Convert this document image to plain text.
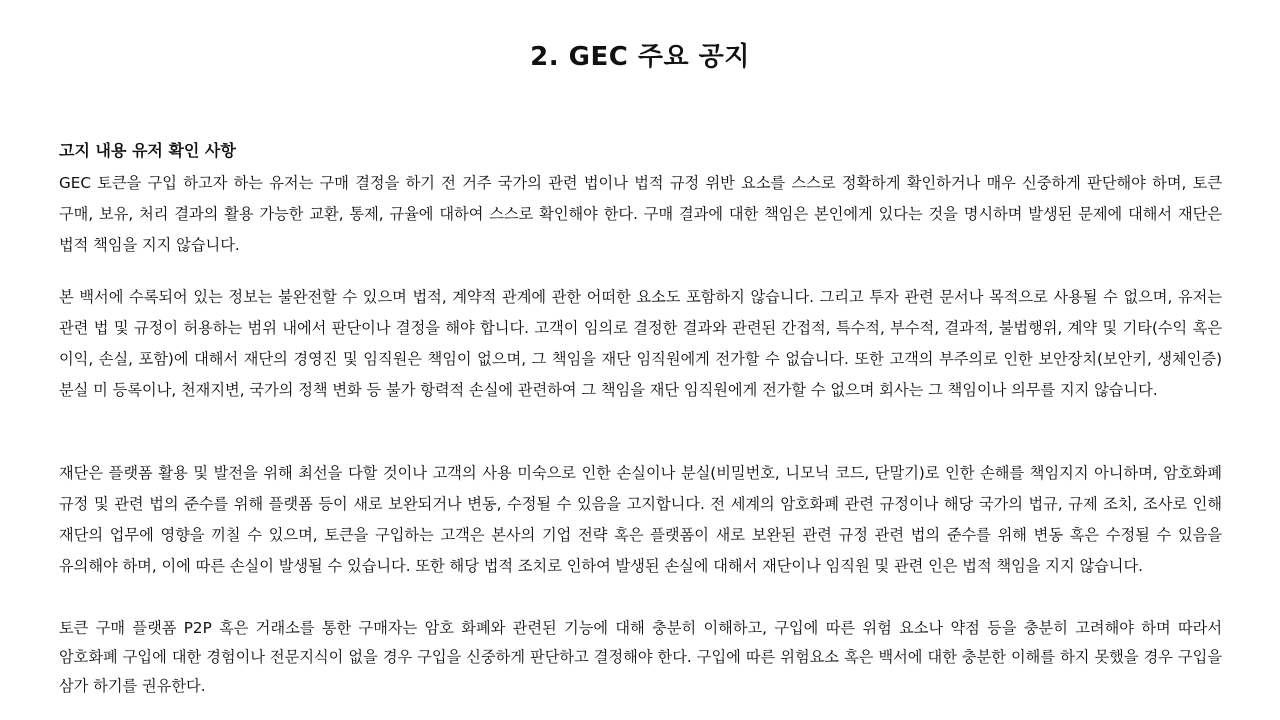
2. GEC 주요 공지
고지 내용 유저 확인 사항

GEC 토큰을 구입 하고자 하는 유저는 구매 결정을 하기 전 거주 국가의 관련 법이나 법적 규정 위반 요소를 스스로 정확하게 확인하거나 매우 신중하게 판단해야 하며, 토큰 구매, 보유, 처리 결과의 활용 가능한 교환, 통제, 규율에 대하여 스스로 확인해야 한다. 구매 결과에 대한 책임은 본인에게 있다는 것을 명시하며 발생된 문제에 대해서 재단은 법적 책임을 지지 않습니다.

본 백서에 수록되어 있는 정보는 불완전할 수 있으며 법적, 계약적 관계에 관한 어떠한 요소도 포함하지 않습니다. 그리고 투자 관련 문서나 목적으로 사용될 수 없으며, 유저는 관련 법 및 규정이 허용하는 범위 내에서 판단이나 결정을 해야 합니다. 고객이 임의로 결정한 결과와 관련된 간접적, 특수적, 부수적, 결과적, 불법행위, 계약 및 기타(수익 혹은 이익, 손실, 포함)에 대해서 재단의 경영진 및 임직원은 책임이 없으며, 그 책임을 재단 임직원에게 전가할 수 없습니다. 또한 고객의 부주의로 인한 보안장치(보안키, 생체인증) 분실 미 등록이나, 천재지변, 국가의 정책 변화 등 불가 항력적 손실에 관련하여 그 책임을 재단 임직원에게 전가할 수 없으며 회사는 그 책임이나 의무를 지지 않습니다.

재단은 플랫폼 활용 및 발전을 위해 최선을 다할 것이나 고객의 사용 미숙으로 인한 손실이나 분실(비밀번호, 니모닉 코드, 단말기)로 인한 손해를 책임지지 아니하며, 암호화폐 규정 및 관련 법의 준수를 위해 플랫폼 등이 새로 보완되거나 변동, 수정될 수 있음을 고지합니다. 전 세계의 암호화폐 관련 규정이나 해당 국가의 법규, 규제 조치, 조사로 인해 재단의 업무에 영향을 끼칠 수 있으며, 토큰을 구입하는 고객은 본사의 기업 전략 혹은 플랫폼이 새로 보완된 관련 규정 관련 법의 준수를 위해 변동 혹은 수정될 수 있음을 유의해야 하며, 이에 따른 손실이 발생될 수 있습니다. 또한 해당 법적 조치로 인하여 발생된 손실에 대해서 재단이나 임직원 및 관련 인은 법적 책임을 지지 않습니다.

토큰 구매 플랫폼 P2P 혹은 거래소를 통한 구매자는 암호 화폐와 관련된 기능에 대해 충분히 이해하고, 구입에 따른 위험 요소나 약점 등을 충분히 고려해야 하며 따라서 암호화폐 구입에 대한 경험이나 전문지식이 없을 경우 구입을 신중하게 판단하고 결정해야 한다. 구입에 따른 위험요소 혹은 백서에 대한 충분한 이해를 하지 못했을 경우 구입을 삼가 하기를 권유한다.
